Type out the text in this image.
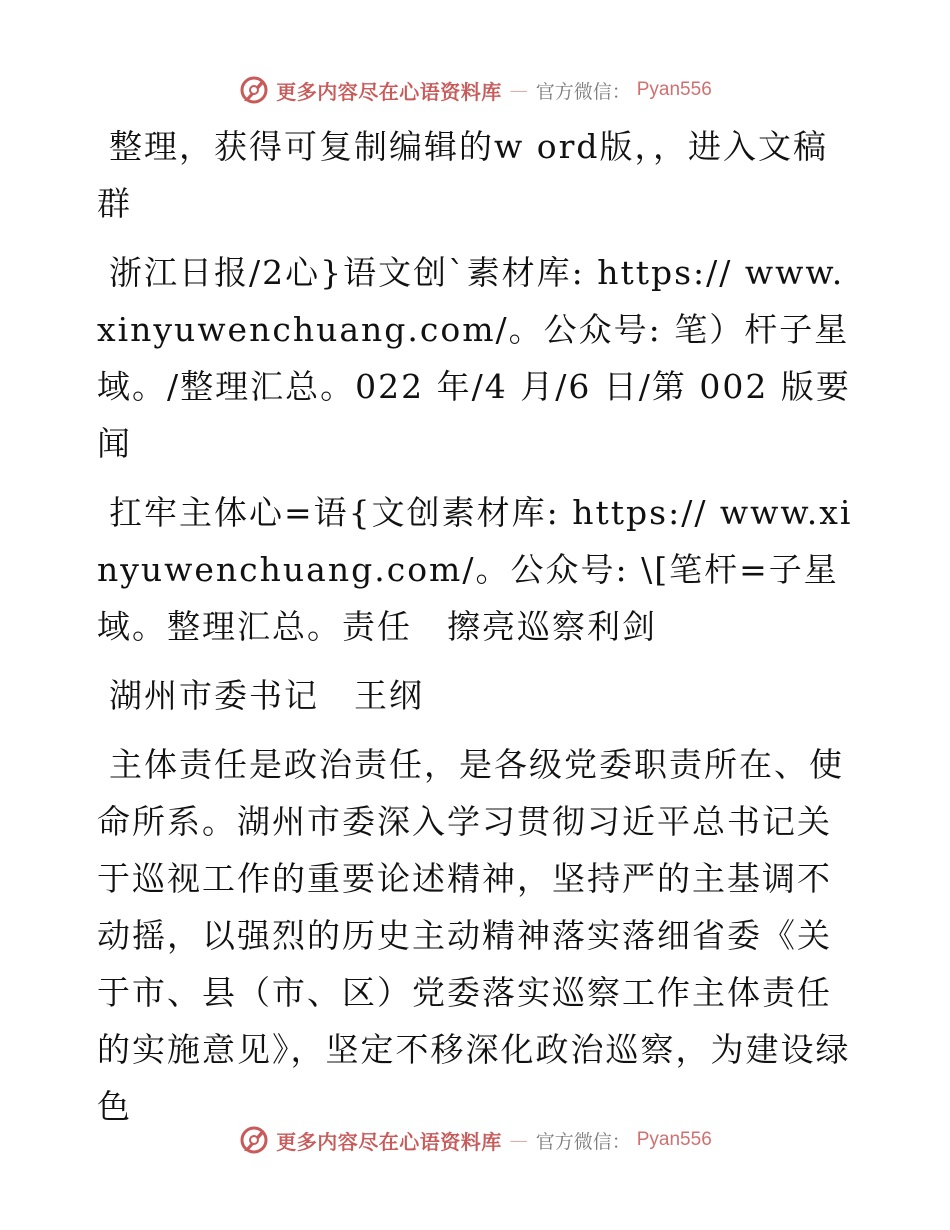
更多内容尽在心语资料库 — 官方微信： Pyan556

整理，获得可复制编辑的w ord版，，进入文稿群

浙江日报/2心}语文创`素材库: https:// www.xinyuwenchuang.com/。公众号: 笔）杆子星域。/整理汇总。022 年/4 月/6 日/第 002 版要闻

扛牢主体心=语{文创素材库: https:// www.xinyuwenchuang.com/。公众号: \[笔杆=子星域。整理汇总。责任　擦亮巡察利剑

湖州市委书记　王纲

主体责任是政治责任，是各级党委职责所在、使命所系。湖州市委深入学习贯彻习近平总书记关于巡视工作的重要论述精神，坚持严的主基调不动摇，以强烈的历史主动精神落实落细省委《关于市、县（市、区）党委落实巡察工作主体责任的实施意见》，坚定不移深化政治巡察，为建设绿色

更多内容尽在心语资料库 — 官方微信： Pyan556
